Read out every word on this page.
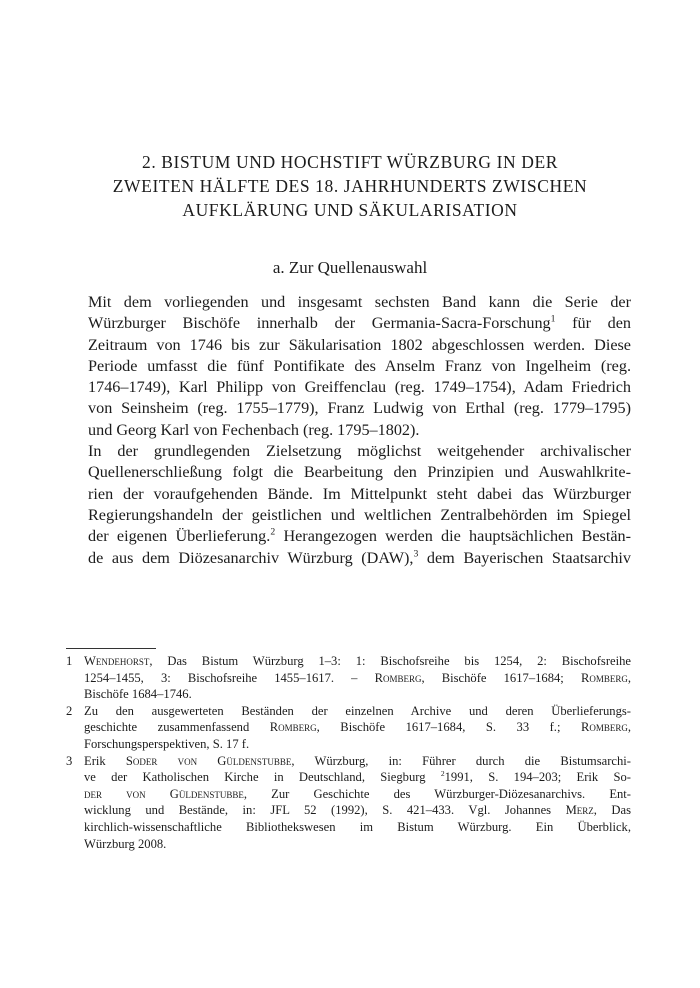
2. BISTUM UND HOCHSTIFT WÜRZBURG IN DER
ZWEITEN HÄLFTE DES 18. JAHRHUNDERTS ZWISCHEN
AUFKLÄRUNG UND SÄKULARISATION
a. Zur Quellenauswahl

Mit dem vorliegenden und insgesamt sechsten Band kann die Serie der
Würzburger Bischöfe innerhalb der Germania-Sacra-Forschung$^1$ für den
Zeitraum von 1746 bis zur Säkularisation 1802 abgeschlossen werden. Diese
Periode umfasst die fünf Pontifikate des Anselm Franz von Ingelheim (reg.
1746–1749), Karl Philipp von Greiffenclau (reg. 1749–1754), Adam Friedrich
von Seinsheim (reg. 1755–1779), Franz Ludwig von Erthal (reg. 1779–1795)
und Georg Karl von Fechenbach (reg. 1795–1802).

In der grundlegenden Zielsetzung möglichst weitgehender archivalischer
Quellenerschließung folgt die Bearbeitung den Prinzipien und Auswahlkrite-
rien der voraufgehenden Bände. Im Mittelpunkt steht dabei das Würzburger
Regierungshandeln der geistlichen und weltlichen Zentralbehörden im Spiegel
der eigenen Überlieferung.$^2$ Herangezogen werden die hauptsächlichen Bestän-
de aus dem Diözesanarchiv Würzburg (DAW),$^3$ dem Bayerischen Staatsarchiv

1 Wendehorst, Das Bistum Würzburg 1–3: 1: Bischofsreihe bis 1254, 2: Bischofsreihe
1254–1455, 3: Bischofsreihe 1455–1617. – Romberg, Bischöfe 1617–1684; Romberg,
Bischöfe 1684–1746.
2 Zu den ausgewerteten Beständen der einzelnen Archive und deren Überlieferungs-
geschichte zusammenfassend Romberg, Bischöfe 1617–1684, S. 33 f.; Romberg,
Forschungsperspektiven, S. 17 f.
3 Erik Soder von Güldenstubbe, Würzburg, in: Führer durch die Bistumsarchi-
ve der Katholischen Kirche in Deutschland, Siegburg $^2$1991, S. 194–203; Erik So-
der von Güldenstubbe, Zur Geschichte des Würzburger-Diözesanarchivs. Ent-
wicklung und Bestände, in: JFL 52 (1992), S. 421–433. Vgl. Johannes Merz, Das
kirchlich-wissenschaftliche Bibliothekswesen im Bistum Würzburg. Ein Überblick,
Würzburg 2008.
